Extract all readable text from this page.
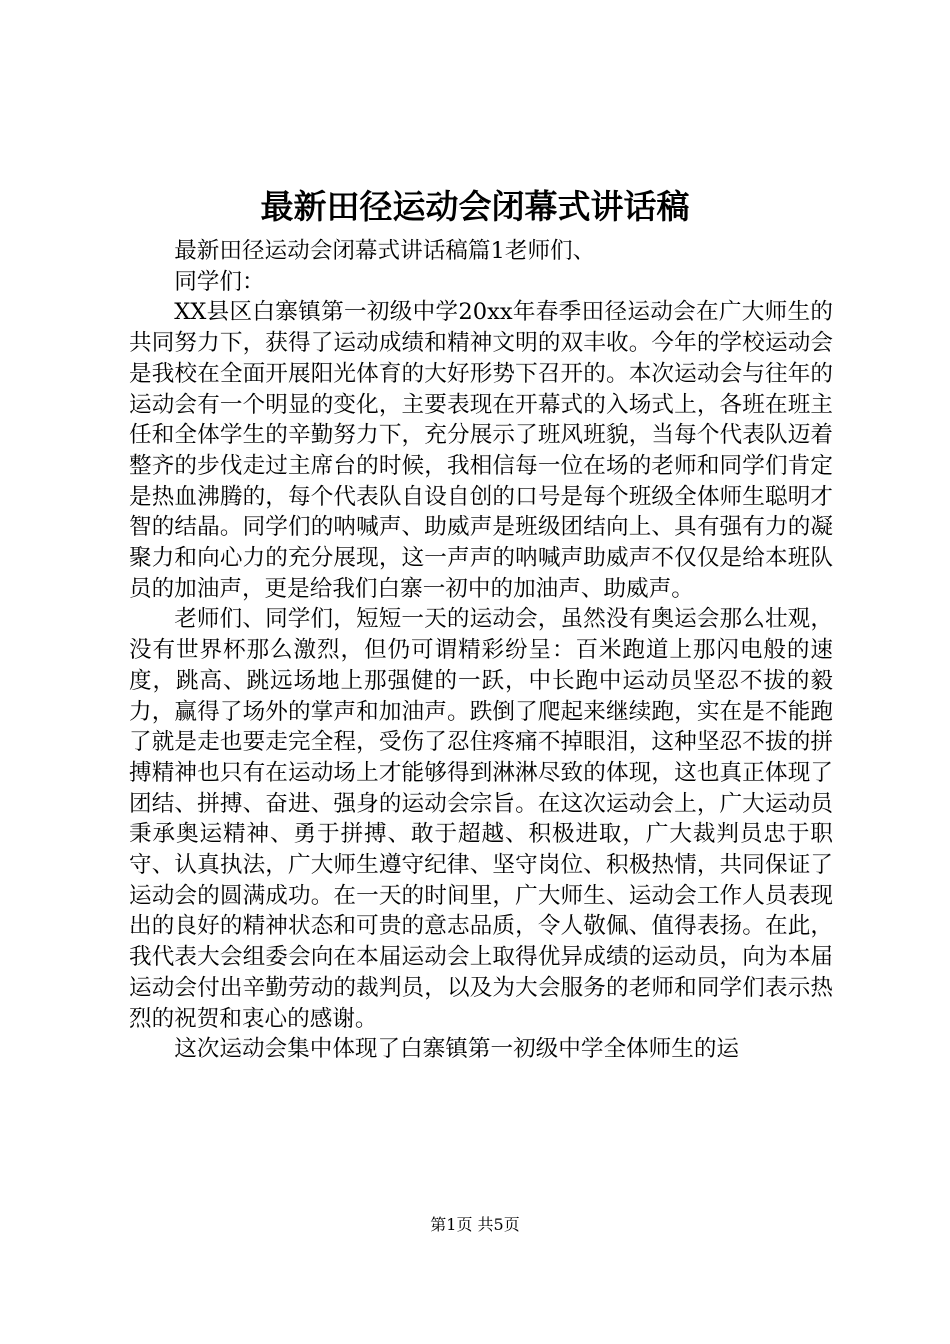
最新田径运动会闭幕式讲话稿

最新田径运动会闭幕式讲话稿篇1老师们、

同学们：

XX县区白寨镇第一初级中学20xx年春季田径运动会在广大师生的共同努力下，获得了运动成绩和精神文明的双丰收。今年的学校运动会是我校在全面开展阳光体育的大好形势下召开的。本次运动会与往年的运动会有一个明显的变化，主要表现在开幕式的入场式上，各班在班主任和全体学生的辛勤努力下，充分展示了班风班貌，当每个代表队迈着整齐的步伐走过主席台的时候，我相信每一位在场的老师和同学们肯定是热血沸腾的，每个代表队自设自创的口号是每个班级全体师生聪明才智的结晶。同学们的呐喊声、助威声是班级团结向上、具有强有力的凝聚力和向心力的充分展现，这一声声的呐喊声助威声不仅仅是给本班队员的加油声，更是给我们白寨一初中的加油声、助威声。

老师们、同学们，短短一天的运动会，虽然没有奥运会那么壮观，没有世界杯那么激烈，但仍可谓精彩纷呈：百米跑道上那闪电般的速度，跳高、跳远场地上那强健的一跃，中长跑中运动员坚忍不拔的毅力，赢得了场外的掌声和加油声。跌倒了爬起来继续跑，实在是不能跑了就是走也要走完全程，受伤了忍住疼痛不掉眼泪，这种坚忍不拔的拼搏精神也只有在运动场上才能够得到淋淋尽致的体现，这也真正体现了团结、拼搏、奋进、强身的运动会宗旨。在这次运动会上，广大运动员秉承奥运精神、勇于拼搏、敢于超越、积极进取，广大裁判员忠于职守、认真执法，广大师生遵守纪律、坚守岗位、积极热情，共同保证了运动会的圆满成功。在一天的时间里，广大师生、运动会工作人员表现出的良好的精神状态和可贵的意志品质，令人敬佩、值得表扬。在此，我代表大会组委会向在本届运动会上取得优异成绩的运动员，向为本届运动会付出辛勤劳动的裁判员，以及为大会服务的老师和同学们表示热烈的祝贺和衷心的感谢。

这次运动会集中体现了白寨镇第一初级中学全体师生的运

第1页 共5页
